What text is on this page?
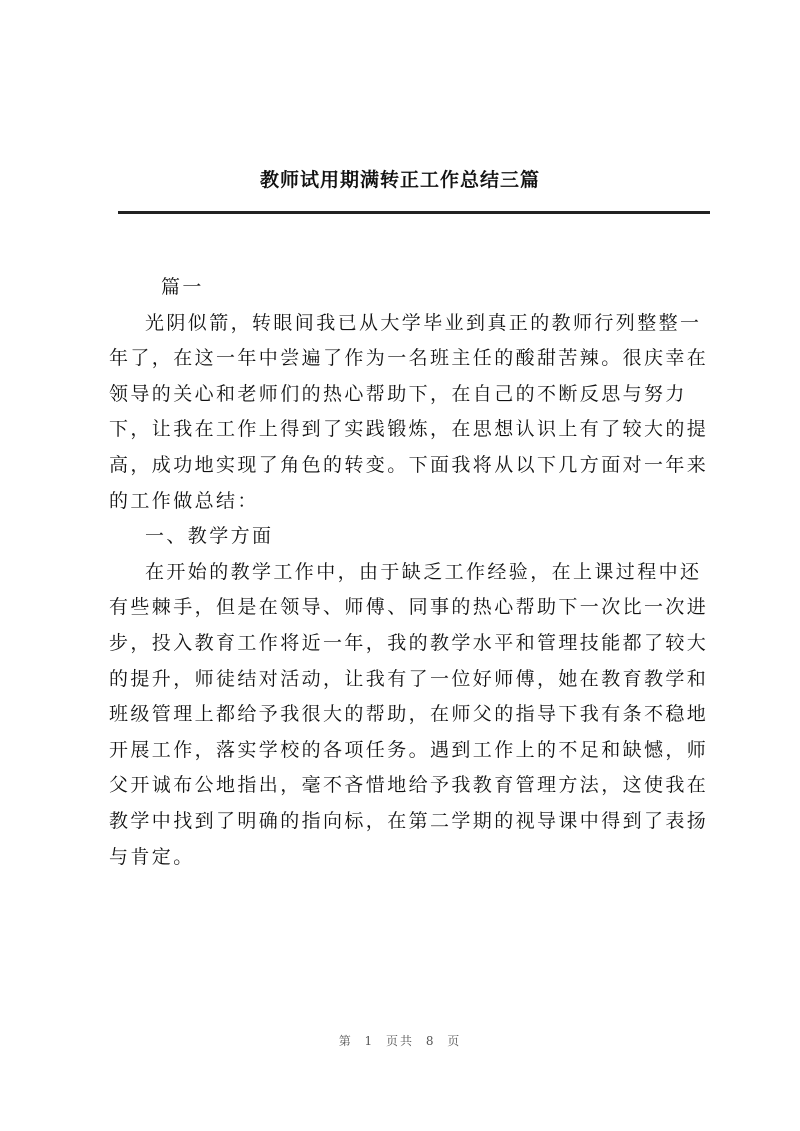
教师试用期满转正工作总结三篇
篇一
光阴似箭，转眼间我已从大学毕业到真正的教师行列整整一
年了，在这一年中尝遍了作为一名班主任的酸甜苦辣。很庆幸在
领导的关心和老师们的热心帮助下，在自己的不断反思与努力
下，让我在工作上得到了实践锻炼，在思想认识上有了较大的提
高，成功地实现了角色的转变。下面我将从以下几方面对一年来
的工作做总结：
一、教学方面
在开始的教学工作中，由于缺乏工作经验，在上课过程中还
有些棘手，但是在领导、师傅、同事的热心帮助下一次比一次进
步，投入教育工作将近一年，我的教学水平和管理技能都了较大
的提升，师徒结对活动，让我有了一位好师傅，她在教育教学和
班级管理上都给予我很大的帮助，在师父的指导下我有条不稳地
开展工作，落实学校的各项任务。遇到工作上的不足和缺憾，师
父开诚布公地指出，毫不吝惜地给予我教育管理方法，这使我在
教学中找到了明确的指向标，在第二学期的视导课中得到了表扬
与肯定。
第 1 页共 8 页
